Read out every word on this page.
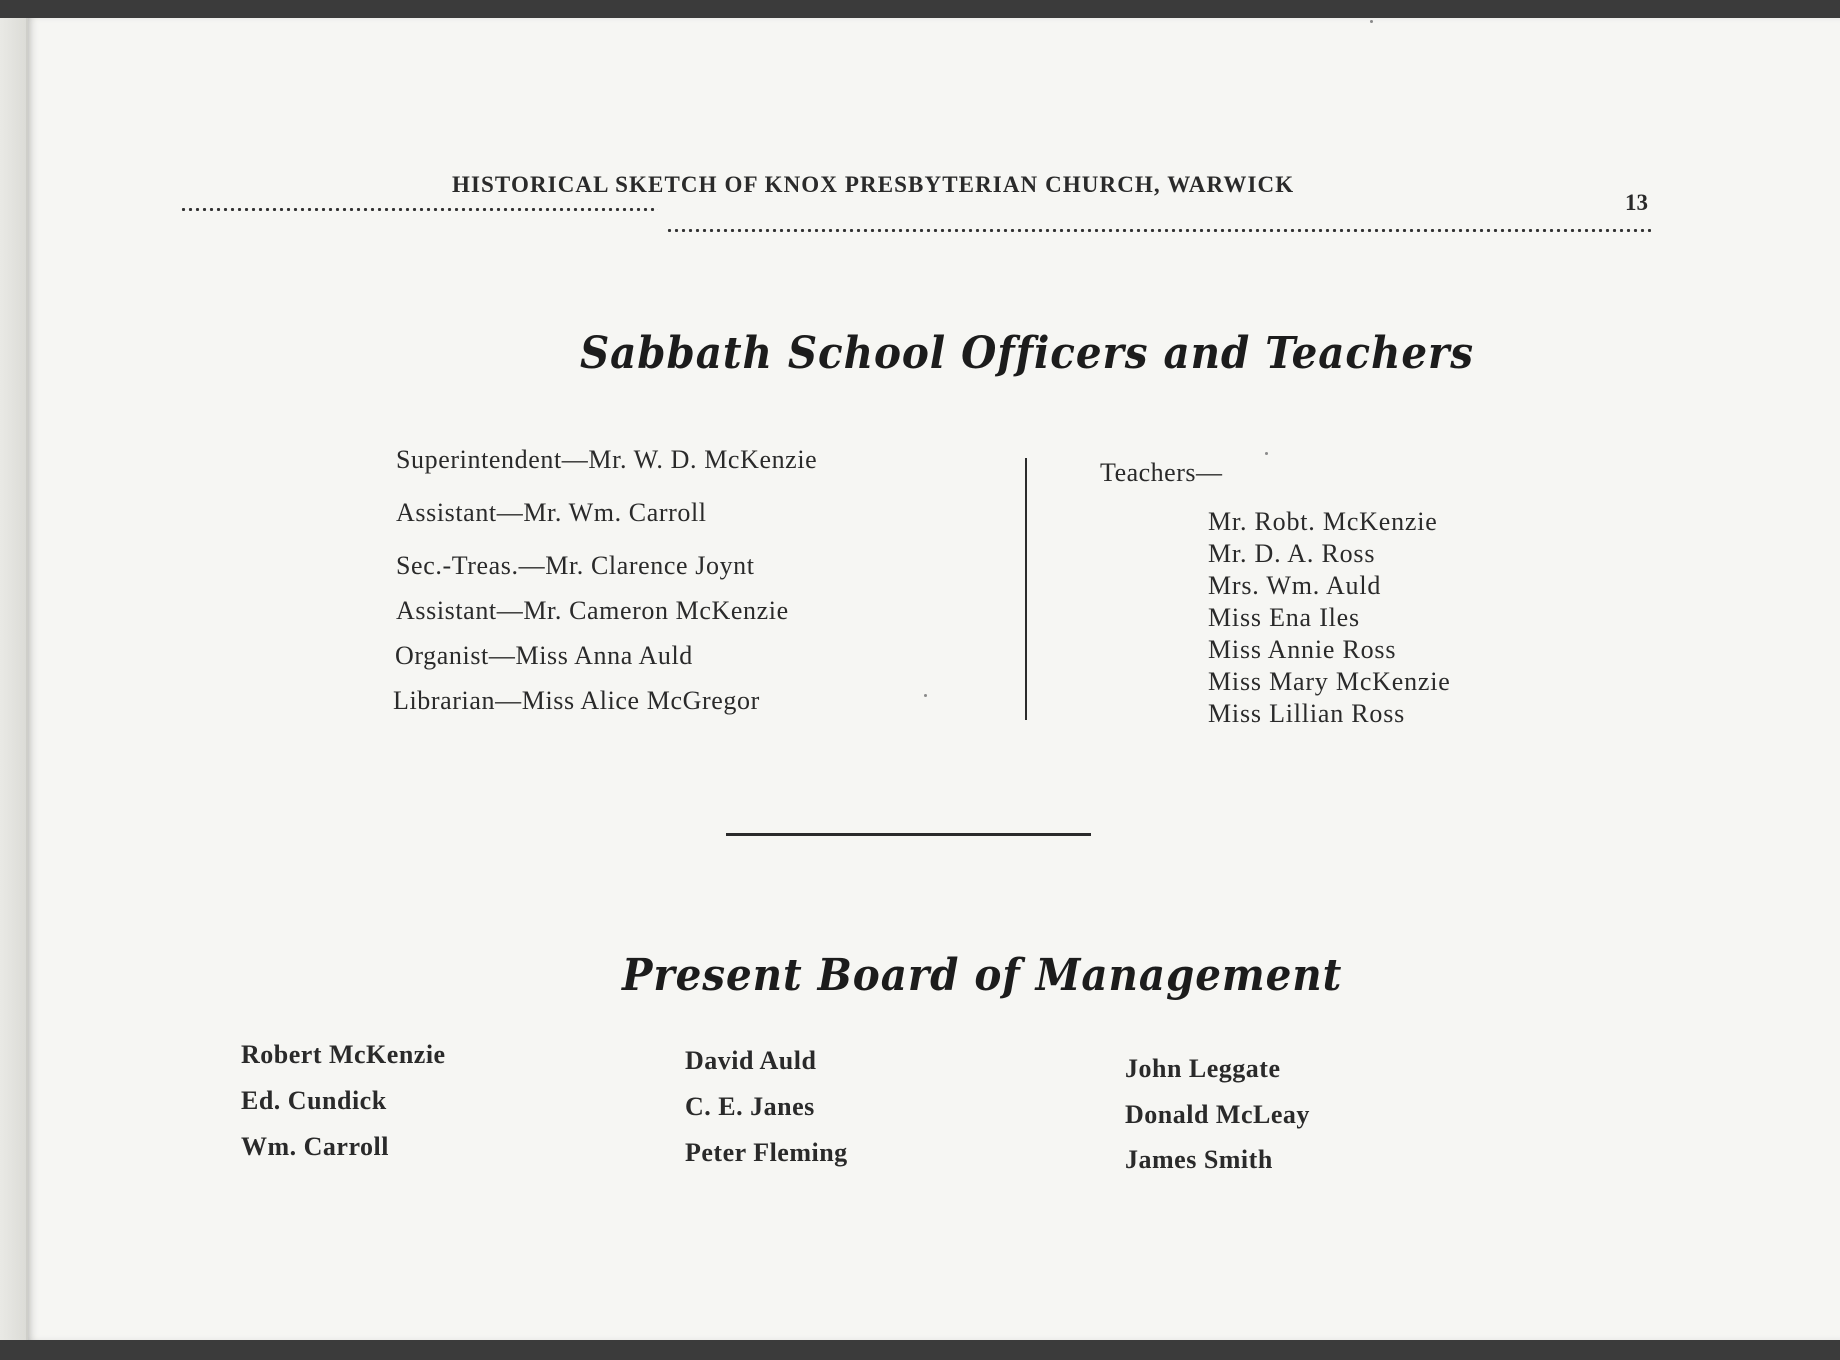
HISTORICAL SKETCH OF KNOX PRESBYTERIAN CHURCH, WARWICK
13
Sabbath School Officers and Teachers
Superintendent—Mr. W. D. McKenzie
Assistant—Mr. Wm. Carroll
Sec.-Treas.—Mr. Clarence Joynt
Assistant—Mr. Cameron McKenzie
Organist—Miss Anna Auld
Librarian—Miss Alice McGregor
Teachers—
Mr. Robt. McKenzie
Mr. D. A. Ross
Mrs. Wm. Auld
Miss Ena Iles
Miss Annie Ross
Miss Mary McKenzie
Miss Lillian Ross
Present Board of Management
Robert McKenzie
Ed. Cundick
Wm. Carroll
David Auld
C. E. Janes
Peter Fleming
John Leggate
Donald McLeay
James Smith
